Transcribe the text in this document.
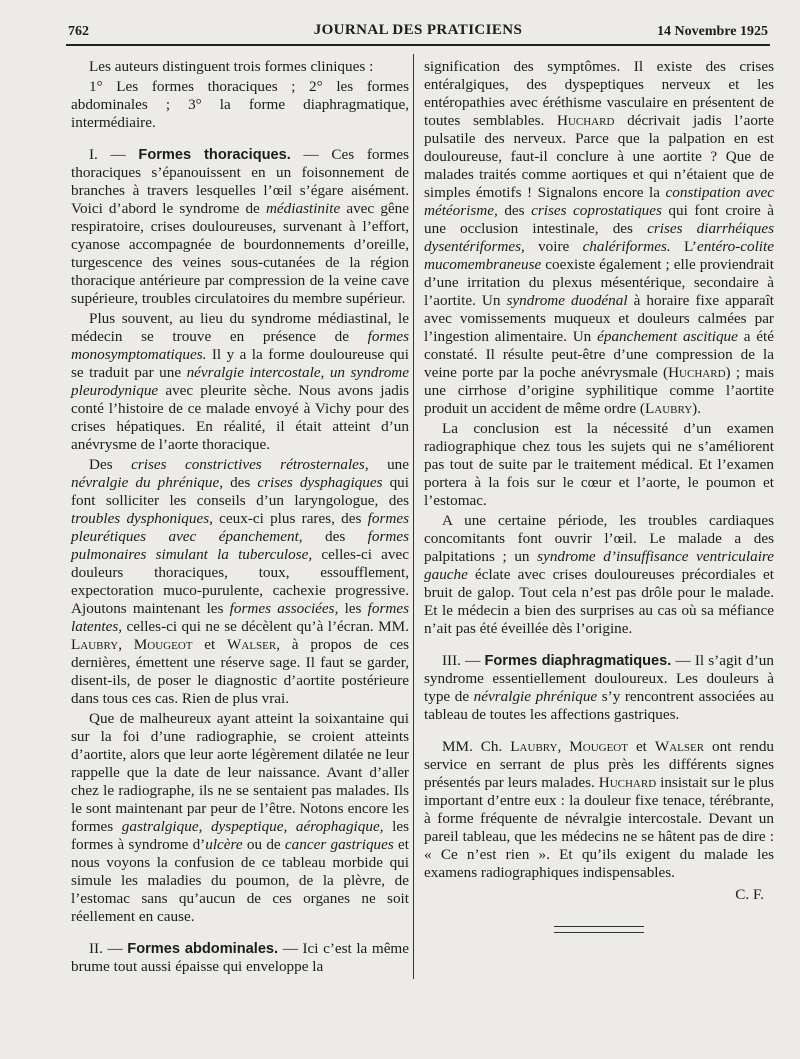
762	JOURNAL DES PRATICIENS	14 Novembre 1925

Les auteurs distinguent trois formes cliniques :

1° Les formes thoraciques ; 2° les formes abdominales ; 3° la forme diaphragmatique, intermédiaire.

I. — Formes thoraciques. — Ces formes thoraciques s’épanouissent en un foisonnement de branches à travers lesquelles l’œil s’égare aisément. Voici d’abord le syndrome de médiastinite avec gêne respiratoire, crises douloureuses, survenant à l’effort, cyanose accompagnée de bourdonnements d’oreille, turgescence des veines sous-cutanées de la région thoracique antérieure par compression de la veine cave supérieure, troubles circulatoires du membre supérieur.

Plus souvent, au lieu du syndrome médiastinal, le médecin se trouve en présence de formes monosymptomatiques. Il y a la forme douloureuse qui se traduit par une névralgie intercostale, un syndrome pleurodynique avec pleurite sèche. Nous avons jadis conté l’histoire de ce malade envoyé à Vichy pour des crises hépatiques. En réalité, il était atteint d’un anévrysme de l’aorte thoracique.

Des crises constrictives rétrosternales, une névralgie du phrénique, des crises dysphagiques qui font solliciter les conseils d’un laryngologue, des troubles dysphoniques, ceux-ci plus rares, des formes pleurétiques avec épanchement, des formes pulmonaires simulant la tuberculose, celles-ci avec douleurs thoraciques, toux, essoufflement, expectoration muco-purulente, cachexie progressive. Ajoutons maintenant les formes associées, les formes latentes, celles-ci qui ne se décèlent qu’à l’écran. MM. Laubry, Mougeot et Walser, à propos de ces dernières, émettent une réserve sage. Il faut se garder, disent-ils, de poser le diagnostic d’aortite postérieure dans tous ces cas. Rien de plus vrai.

Que de malheureux ayant atteint la soixantaine qui sur la foi d’une radiographie, se croient atteints d’aortite, alors que leur aorte légèrement dilatée ne leur rappelle que la date de leur naissance. Avant d’aller chez le radiographe, ils ne se sentaient pas malades. Ils le sont maintenant par peur de l’être. Notons encore les formes gastralgique, dyspeptique, aérophagique, les formes à syndrome d’ulcère ou de cancer gastriques et nous voyons la confusion de ce tableau morbide qui simule les maladies du poumon, de la plèvre, de l’estomac sans qu’aucun de ces organes ne soit réellement en cause.

II. — Formes abdominales. — Ici c’est la même brume tout aussi épaisse qui enveloppe la

signification des symptômes. Il existe des crises entéralgiques, des dyspeptiques nerveux et les entéropathies avec éréthisme vasculaire en présentent de toutes semblables. Huchard décrivait jadis l’aorte pulsatile des nerveux. Parce que la palpation en est douloureuse, faut-il conclure à une aortite ? Que de malades traités comme aortiques et qui n’étaient que de simples émotifs ! Signalons encore la constipation avec météorisme, des crises coprostatiques qui font croire à une occlusion intestinale, des crises diarrhéiques dysentériformes, voire chalériformes. L’entéro-colite mucomembraneuse coexiste également ; elle proviendrait d’une irritation du plexus mésentérique, secondaire à l’aortite. Un syndrome duodénal à horaire fixe apparaît avec vomissements muqueux et douleurs calmées par l’ingestion alimentaire. Un épanchement ascitique a été constaté. Il résulte peut-être d’une compression de la veine porte par la poche anévrysmale (Huchard) ; mais une cirrhose d’origine syphilitique comme l’aortite produit un accident de même ordre (Laubry).

La conclusion est la nécessité d’un examen radiographique chez tous les sujets qui ne s’améliorent pas tout de suite par le traitement médical. Et l’examen portera à la fois sur le cœur et l’aorte, le poumon et l’estomac.

A une certaine période, les troubles cardiaques concomitants font ouvrir l’œil. Le malade a des palpitations ; un syndrome d’insuffisance ventriculaire gauche éclate avec crises douloureuses précordiales et bruit de galop. Tout cela n’est pas drôle pour le malade. Et le médecin a bien des surprises au cas où sa méfiance n’ait pas été éveillée dès l’origine.

III. — Formes diaphragmatiques. — Il s’agit d’un syndrome essentiellement douloureux. Les douleurs à type de névralgie phrénique s’y rencontrent associées au tableau de toutes les affections gastriques.

MM. Ch. Laubry, Mougeot et Walser ont rendu service en serrant de plus près les différents signes présentés par leurs malades. Huchard insistait sur le plus important d’entre eux : la douleur fixe tenace, térébrante, à forme fréquente de névralgie intercostale. Devant un pareil tableau, que les médecins ne se hâtent pas de dire : « Ce n’est rien ». Et qu’ils exigent du malade les examens radiographiques indispensables.

C. F.
